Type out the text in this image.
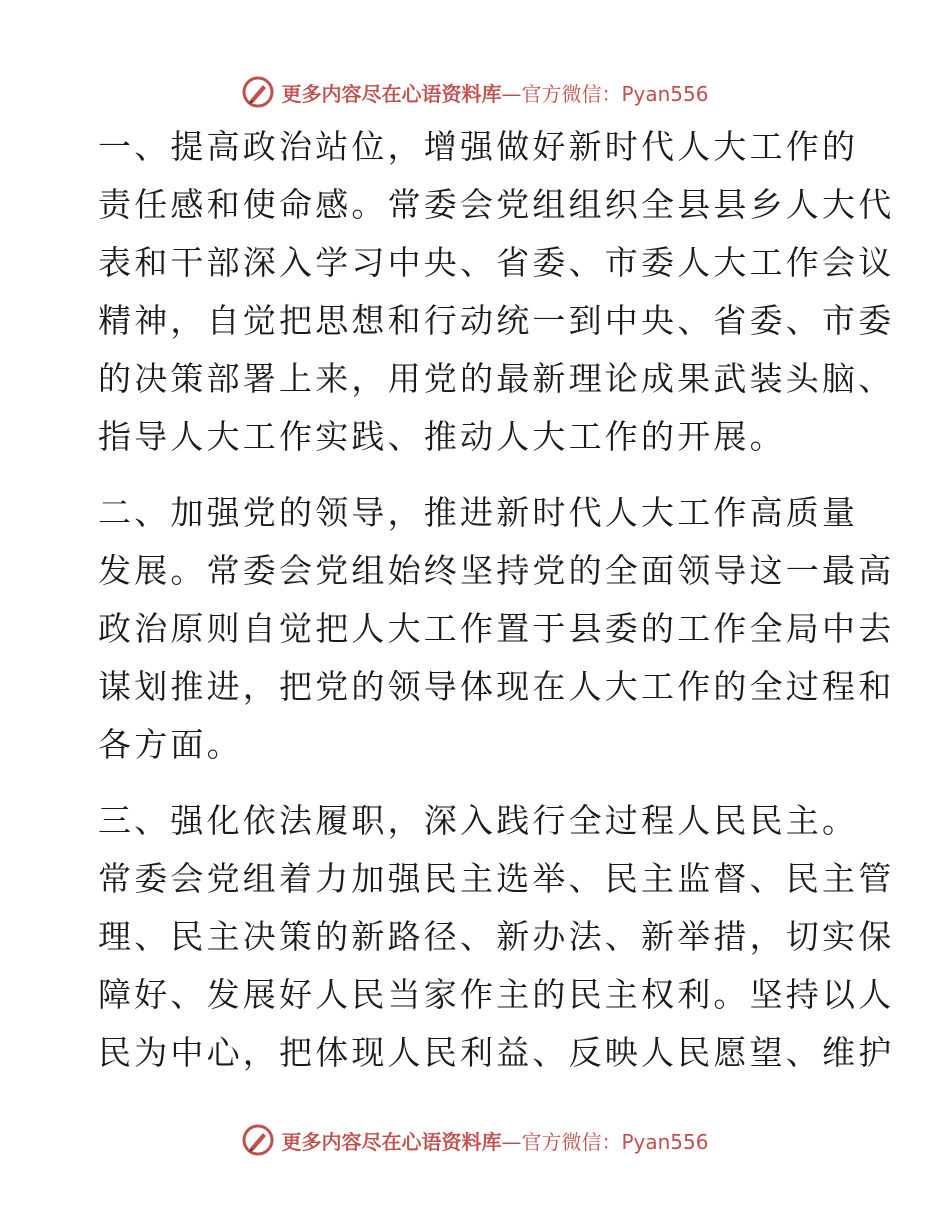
更多内容尽在心语资料库—官方微信：Pyan556

一、提高政治站位，增强做好新时代人大工作的
责任感和使命感。常委会党组组织全县县乡人大代
表和干部深入学习中央、省委、市委人大工作会议
精神，自觉把思想和行动统一到中央、省委、市委
的决策部署上来，用党的最新理论成果武装头脑、
指导人大工作实践、推动人大工作的开展。

二、加强党的领导，推进新时代人大工作高质量
发展。常委会党组始终坚持党的全面领导这一最高
政治原则自觉把人大工作置于县委的工作全局中去
谋划推进，把党的领导体现在人大工作的全过程和
各方面。

三、强化依法履职，深入践行全过程人民民主。
常委会党组着力加强民主选举、民主监督、民主管
理、民主决策的新路径、新办法、新举措，切实保
障好、发展好人民当家作主的民主权利。坚持以人
民为中心，把体现人民利益、反映人民愿望、维护

更多内容尽在心语资料库—官方微信：Pyan556
